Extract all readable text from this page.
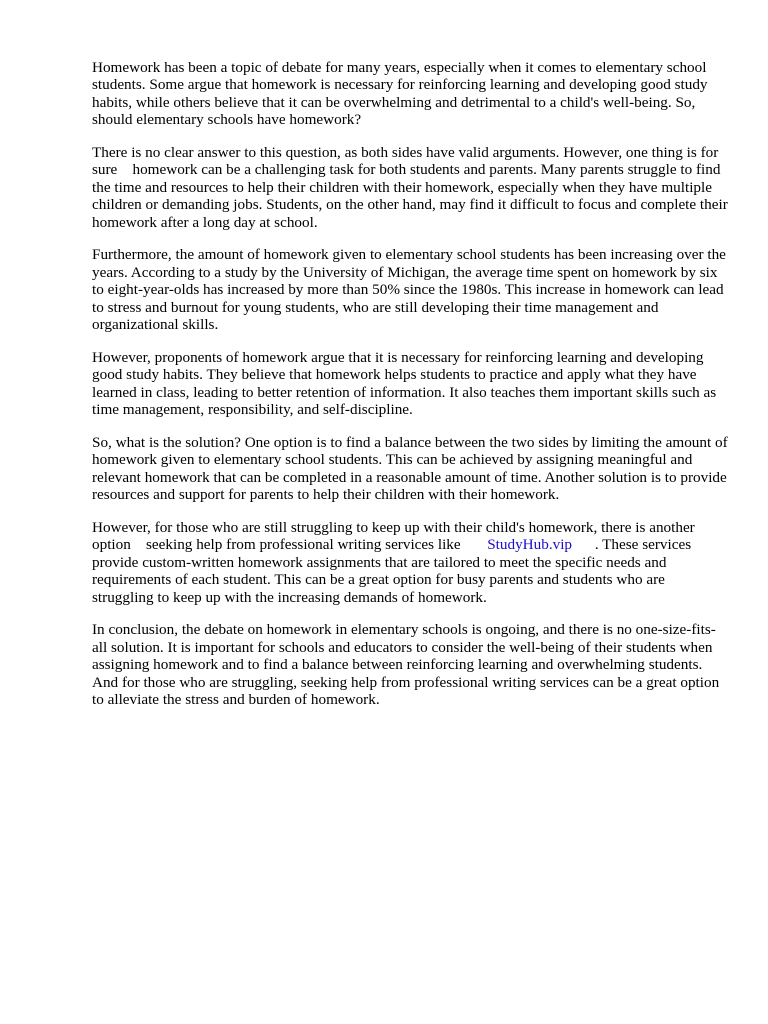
Homework has been a topic of debate for many years, especially when it comes to elementary school students. Some argue that homework is necessary for reinforcing learning and developing good study habits, while others believe that it can be overwhelming and detrimental to a child's well-being. So, should elementary schools have homework?

There is no clear answer to this question, as both sides have valid arguments. However, one thing is for sure    homework can be a challenging task for both students and parents. Many parents struggle to find the time and resources to help their children with their homework, especially when they have multiple children or demanding jobs. Students, on the other hand, may find it difficult to focus and complete their homework after a long day at school.

Furthermore, the amount of homework given to elementary school students has been increasing over the years. According to a study by the University of Michigan, the average time spent on homework by six to eight-year-olds has increased by more than 50% since the 1980s. This increase in homework can lead to stress and burnout for young students, who are still developing their time management and organizational skills.

However, proponents of homework argue that it is necessary for reinforcing learning and developing good study habits. They believe that homework helps students to practice and apply what they have learned in class, leading to better retention of information. It also teaches them important skills such as time management, responsibility, and self-discipline.

So, what is the solution? One option is to find a balance between the two sides by limiting the amount of homework given to elementary school students. This can be achieved by assigning meaningful and relevant homework that can be completed in a reasonable amount of time. Another solution is to provide resources and support for parents to help their children with their homework.

However, for those who are still struggling to keep up with their child's homework, there is another option    seeking help from professional writing services like       StudyHub.vip      . These services provide custom-written homework assignments that are tailored to meet the specific needs and requirements of each student. This can be a great option for busy parents and students who are struggling to keep up with the increasing demands of homework.

In conclusion, the debate on homework in elementary schools is ongoing, and there is no one-size-fits-all solution. It is important for schools and educators to consider the well-being of their students when assigning homework and to find a balance between reinforcing learning and overwhelming students. And for those who are struggling, seeking help from professional writing services can be a great option to alleviate the stress and burden of homework.
